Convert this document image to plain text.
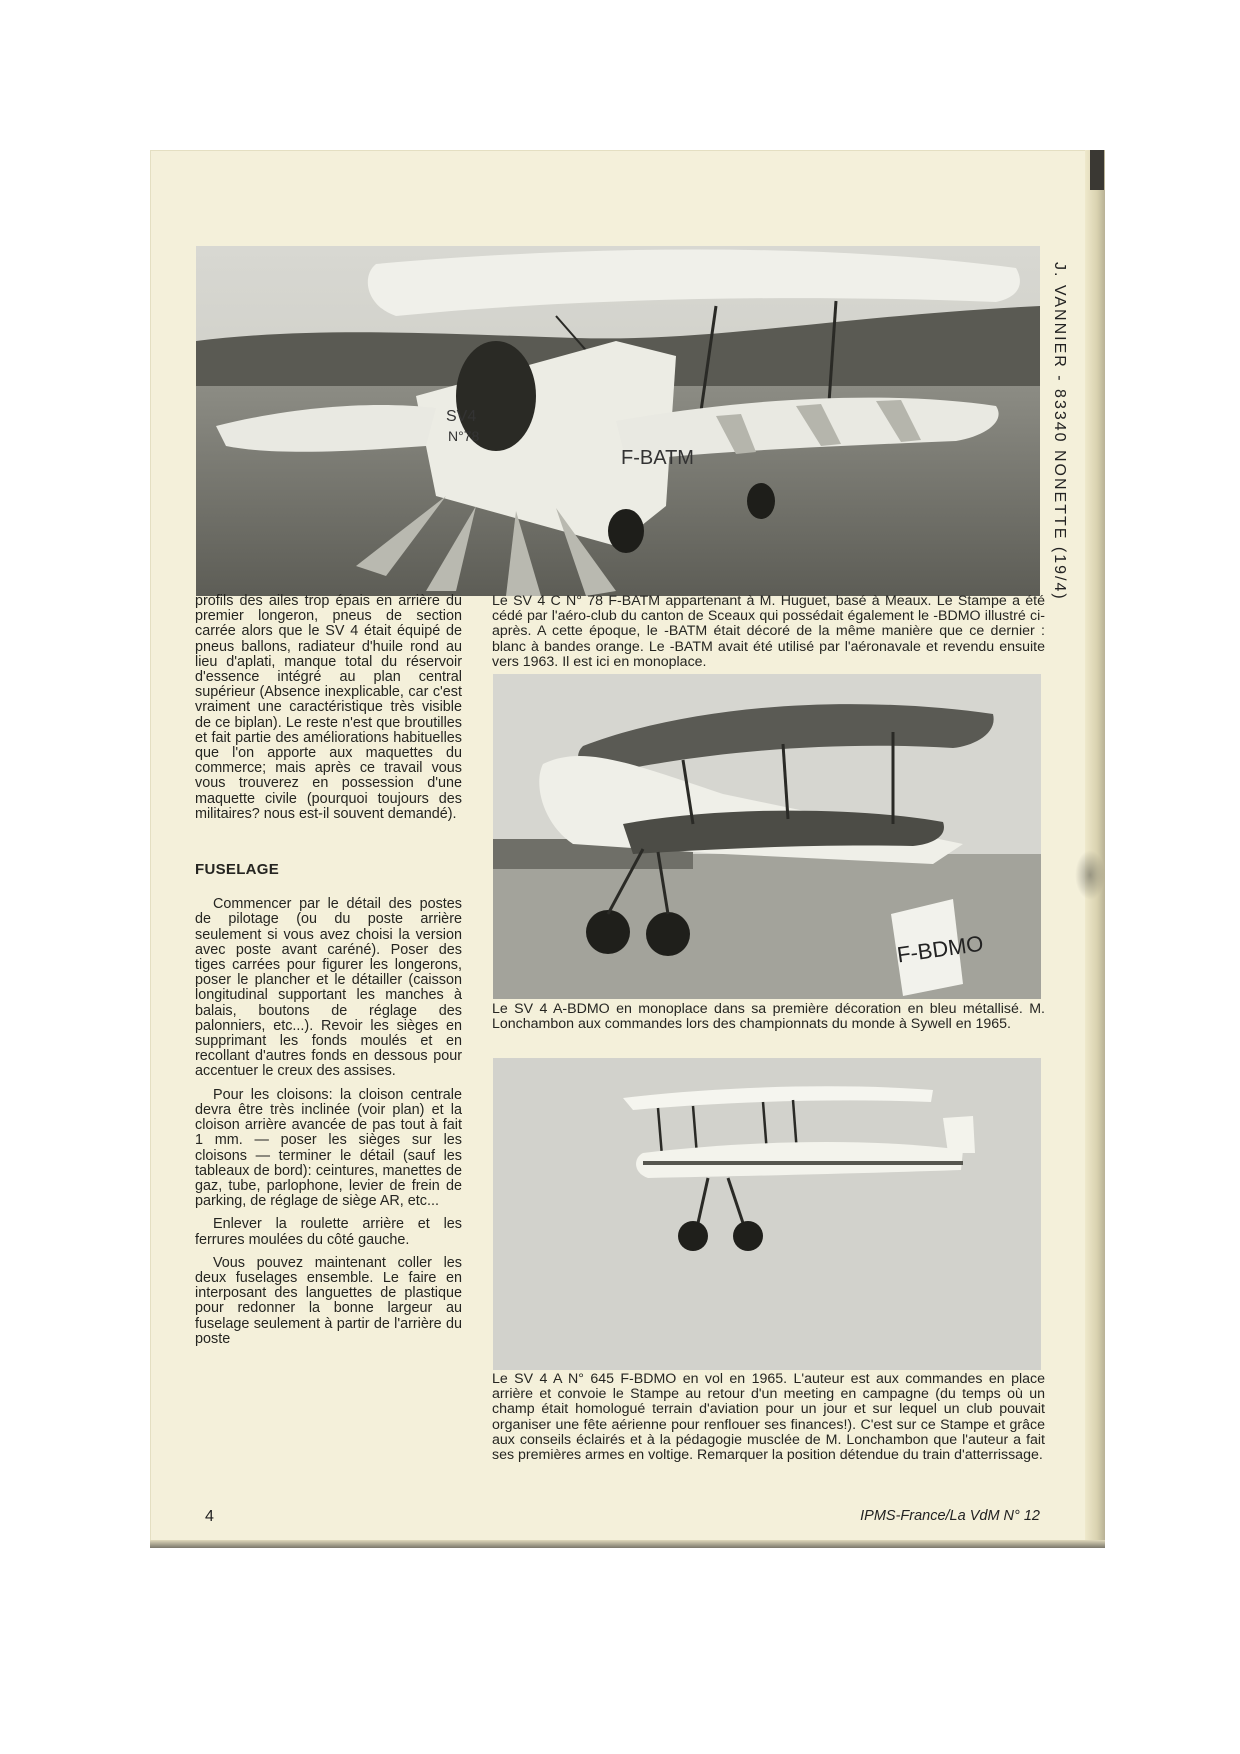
SV4
N°78
F-BATM	J. VANNIER - 83340 NONETTE (19/4)
F-BDMO

profils des ailes trop épais en arrière du premier longeron, pneus de section carrée alors que le SV 4 était équipé de pneus ballons, radiateur d'huile rond au lieu d'aplati, manque total du réservoir d'essence intégré au plan central supérieur (Absence inexplicable, car c'est vraiment une caractéristique très visible de ce biplan). Le reste n'est que broutilles et fait partie des améliorations habituelles que l'on apporte aux maquettes du commerce; mais après ce travail vous vous trouverez en possession d'une maquette civile (pourquoi toujours des militaires? nous est-il souvent demandé).

FUSELAGE

Commencer par le détail des postes de pilotage (ou du poste arrière seulement si vous avez choisi la version avec poste avant caréné). Poser des tiges carrées pour figurer les longerons, poser le plancher et le détailler (caisson longitudinal supportant les manches à balais, boutons de réglage des palonniers, etc...). Revoir les sièges en supprimant les fonds moulés et en recollant d'autres fonds en dessous pour accentuer le creux des assises.

Pour les cloisons: la cloison centrale devra être très inclinée (voir plan) et la cloison arrière avancée de pas tout à fait 1 mm. — poser les sièges sur les cloisons — terminer le détail (sauf les tableaux de bord): ceintures, manettes de gaz, tube, parlophone, levier de frein de parking, de réglage de siège AR, etc...

Enlever la roulette arrière et les ferrures moulées du côté gauche.

Vous pouvez maintenant coller les deux fuselages ensemble. Le faire en interposant des languettes de plastique pour redonner la bonne largeur au fuselage seulement à partir de l'arrière du poste

Le SV 4 C N° 78 F-BATM appartenant à M. Huguet, basé à Meaux. Le Stampe a été cédé par l'aéro-club du canton de Sceaux qui possédait également le -BDMO illustré ci-après. A cette époque, le -BATM était décoré de la même manière que ce dernier : blanc à bandes orange. Le -BATM avait été utilisé par l'aéronavale et revendu ensuite vers 1963. Il est ici en monoplace.

Le SV 4 A-BDMO en monoplace dans sa première décoration en bleu métallisé. M. Lonchambon aux commandes lors des championnats du monde à Sywell en 1965.

Le SV 4 A N° 645 F-BDMO en vol en 1965. L'auteur est aux commandes en place arrière et convoie le Stampe au retour d'un meeting en campagne (du temps où un champ était homologué terrain d'aviation pour un jour et sur lequel un club pouvait organiser une fête aérienne pour renflouer ses finances!). C'est sur ce Stampe et grâce aux conseils éclairés et à la pédagogie musclée de M. Lonchambon que l'auteur a fait ses premières armes en voltige. Remarquer la position détendue du train d'atterrissage.

4	IPMS-France/La VdM N° 12
